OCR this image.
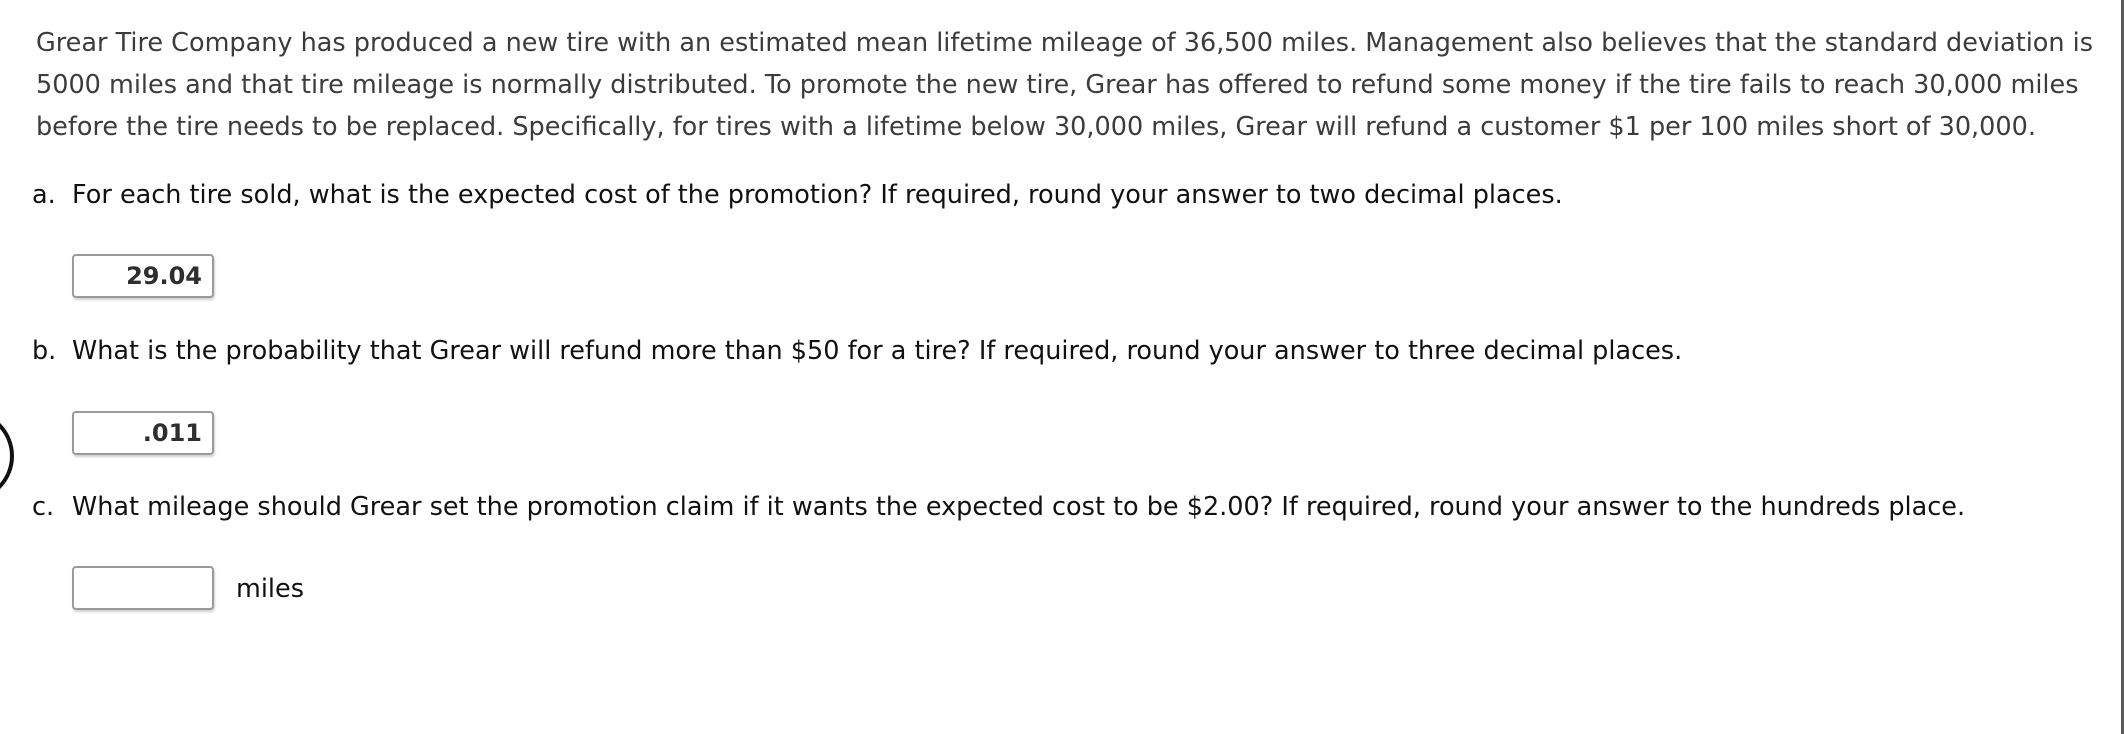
Grear Tire Company has produced a new tire with an estimated mean lifetime mileage of 36,500 miles. Management also believes that the standard deviation is 5000 miles and that tire mileage is normally distributed. To promote the new tire, Grear has offered to refund some money if the tire fails to reach 30,000 miles before the tire needs to be replaced. Specifically, for tires with a lifetime below 30,000 miles, Grear will refund a customer $1 per 100 miles short of 30,000.
a. For each tire sold, what is the expected cost of the promotion? If required, round your answer to two decimal places.
29.04
b. What is the probability that Grear will refund more than $50 for a tire? If required, round your answer to three decimal places.
.011
c. What mileage should Grear set the promotion claim if it wants the expected cost to be $2.00? If required, round your answer to the hundreds place.
miles
